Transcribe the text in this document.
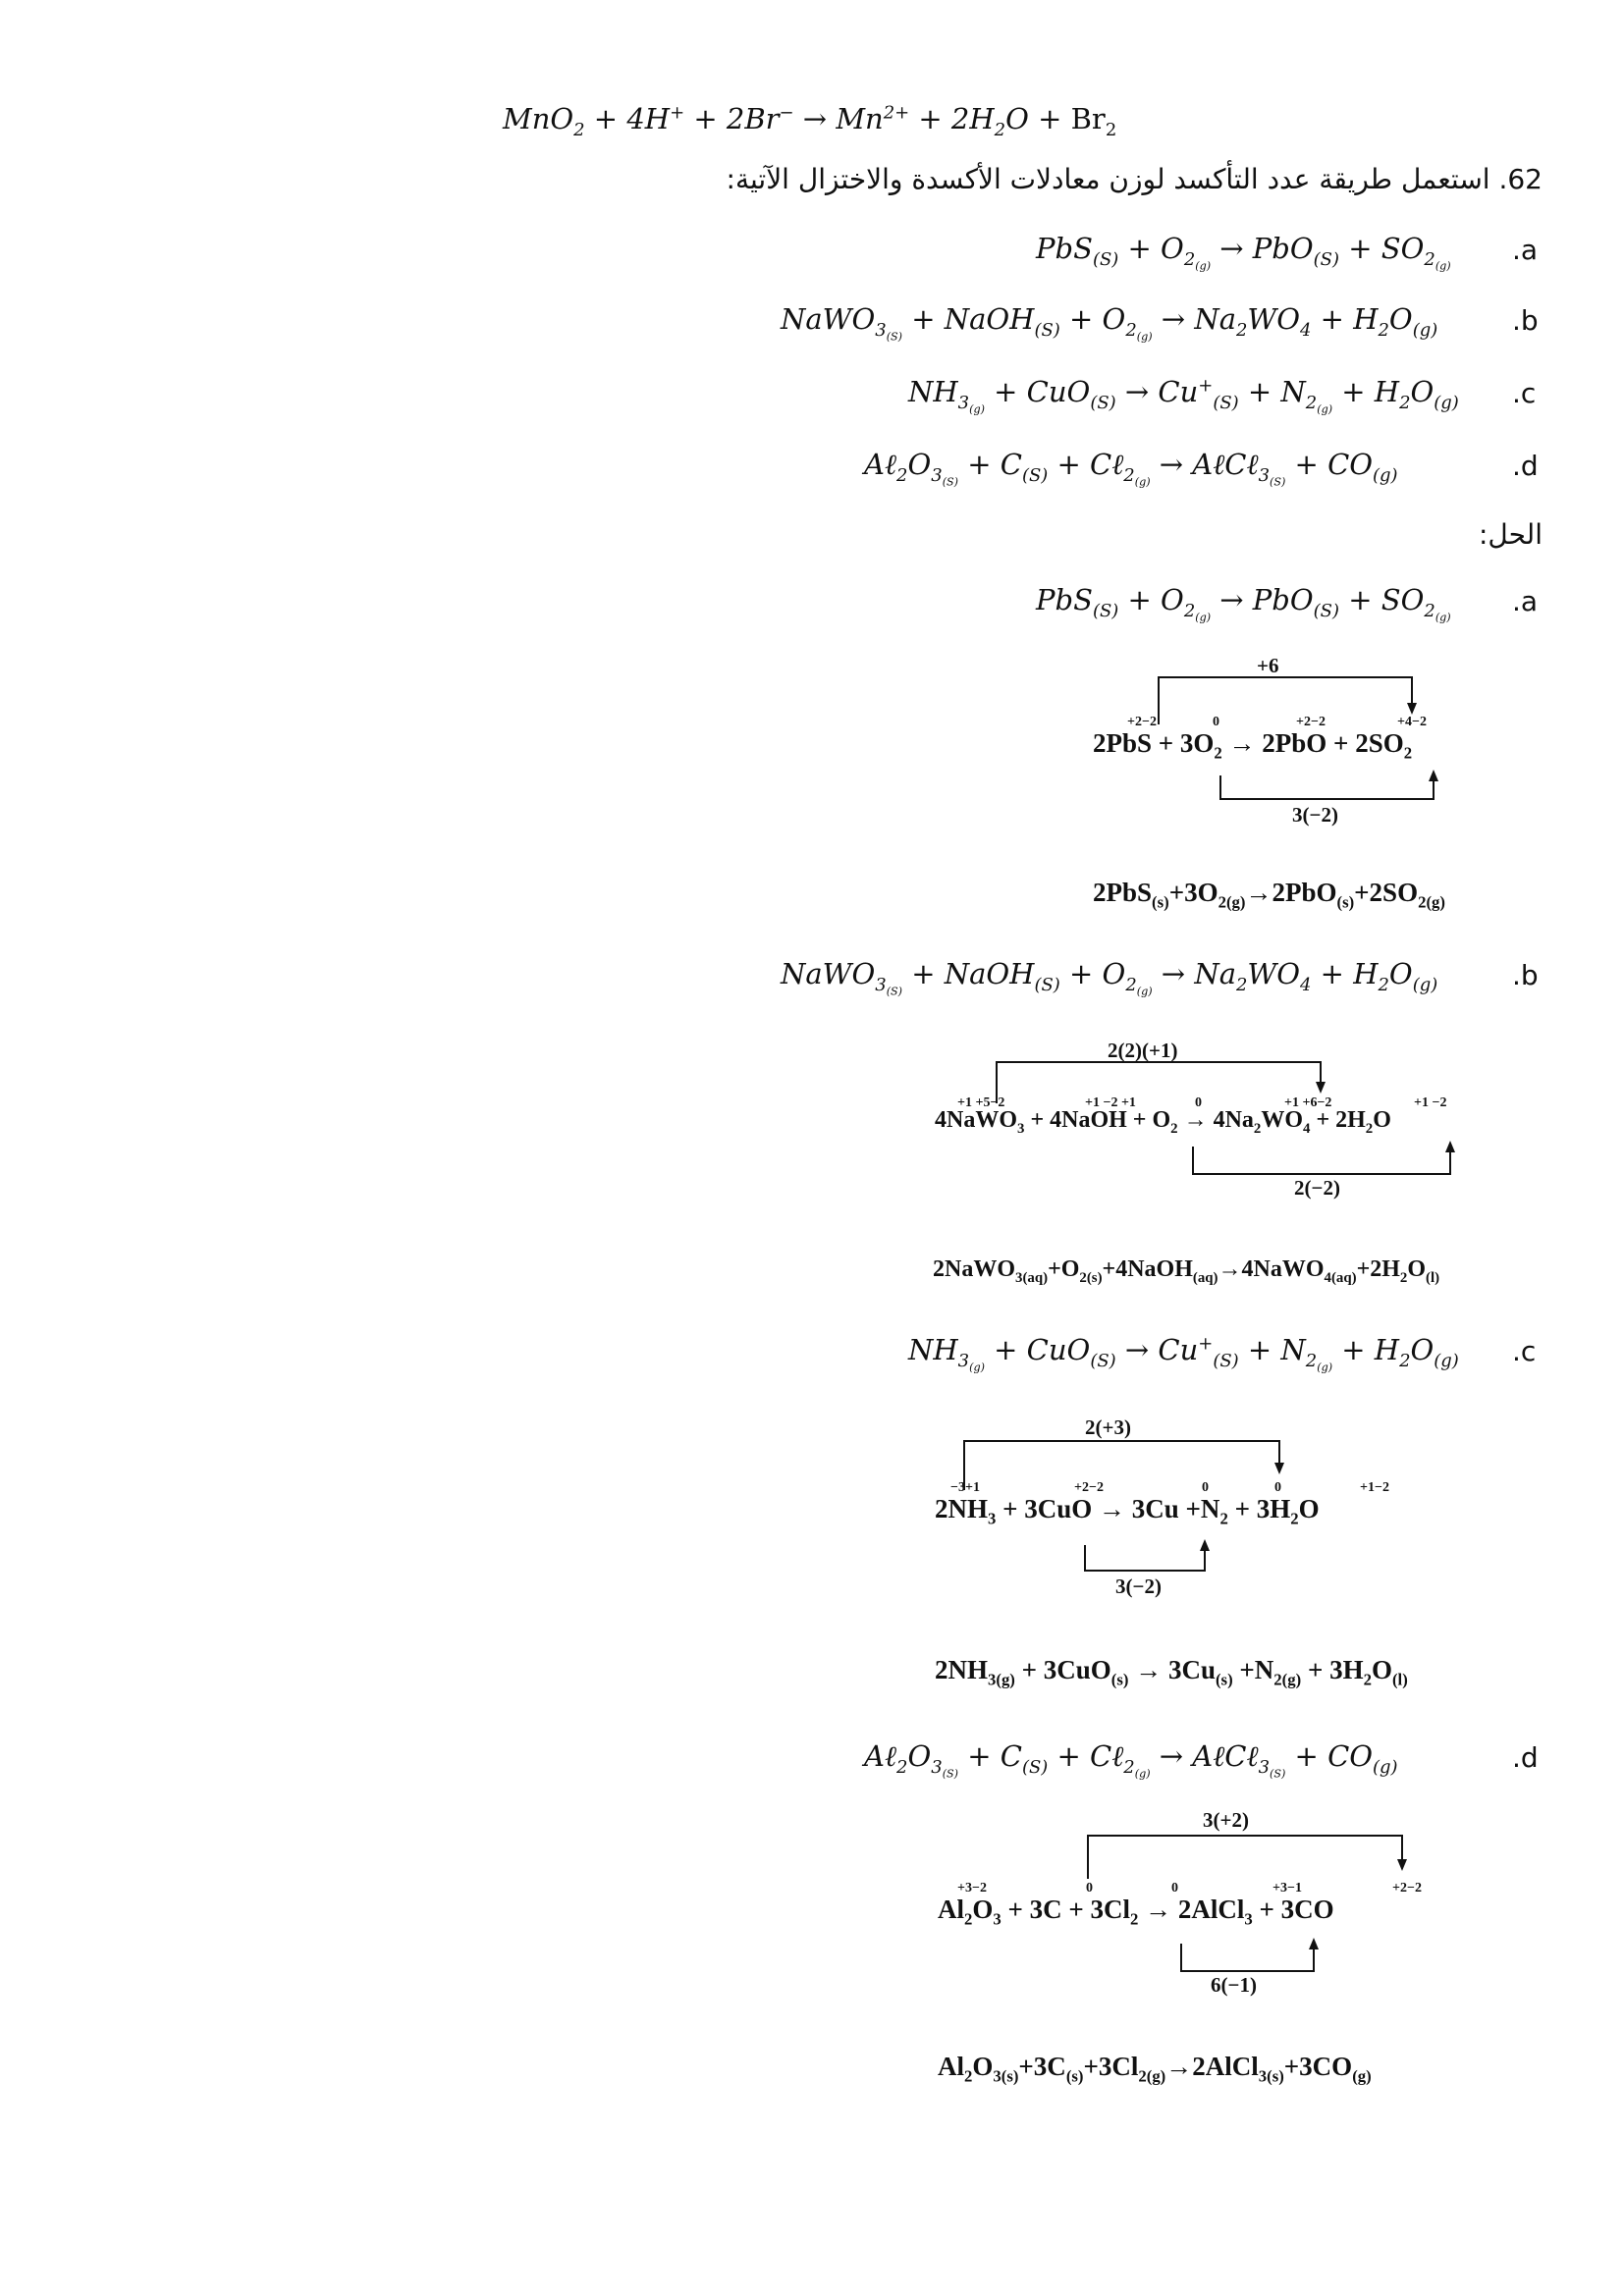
$MnO_2 + 4H^+ + 2Br^- \to Mn^{2+} + 2H_2O + Br_2$
62. استعمل طريقة عدد التأكسد لوزن معادلات الأكسدة والاختزال الآتية:
$PbS_{(S)} + O_{2_{(g)}} \to PbO_{(S)} + SO_{2_{(g)}}$ .a
NaWO$_{3_{(S)}}$ + NaOH$_{(S)}$ + $O_{2_{(g)}} \to Na_2WO_4 + H_2O_{(g)}$	.b
$NH_{3_{(g)}} + CuO_{(S)} \to Cu^+_{(S)} + N_{2_{(g)}} + H_2O_{(g)}$ .c
$A\ell_2O_{3_{(S)}} + C_{(S)}$ + Cℓ$_{2_{(g)}}$ → AℓCℓ$_{3_{(S)}}$ + $CO_{(g)}$	.d
الحل:
$PbS_{(S)} + O_{2_{(g)}} \to PbO_{(S)} + SO_{2_{(g)}}$ .a
+6
3(−2)
+2−2	0	+2−2	+4−2
$2PbS + 3O_2 \to 2PbO + 2SO_2$
$2PbS_{(s)}+3O_{2(g)}\to 2PbO_{(s)}+2SO_{2(g)}$
NaWO$_{3_{(S)}}$ + NaOH$_{(S)}$ + $O_{2_{(g)}} \to Na_2WO_4 + H_2O_{(g)}$	.b
2(2)(+1)
2(−2)
+1 +5−2	+1 −2 +1	0	+1 +6−2	+1 −2
4NaWO$_3$ + 4NaOH + $O_2 \to 4Na_2WO_4 + 2H_2O$
$2NaWO_{3(aq)}+O_{2(s)}+4NaOH_{(aq)}\to 4NaWO_{4(aq)}+2H_2O_{(l)}$
$NH_{3_{(g)}} + CuO_{(S)} \to Cu^+_{(S)} + N_{2_{(g)}} + H_2O_{(g)}$ .c
2(+3)
3(−2)
−3+1	+2−2	0	0	+1−2
$2NH_3 + 3CuO \to 3Cu +N_2 + 3H_2O$
$2NH_{3(g)} + 3CuO_{(s)} \to 3Cu_{(s)} +N_{2(g)} + 3H_2O_{(l)}$
$A\ell_2O_{3_{(S)}} + C_{(S)}$ + Cℓ$_{2_{(g)}}$ → AℓCℓ$_{3_{(S)}}$ + $CO_{(g)}$	.d
3(+2)
6(−1)
+3−2	0	0	+3−1	+2−2
$Al_2O_3 + 3C + 3Cl_2$ → 2AlCl$_3$ + 3CO
$Al_2O_{3(s)}+3C_{(s)}+3Cl_{2(g)}\to 2AlCl_{3(s)}+3CO_{(g)}$
